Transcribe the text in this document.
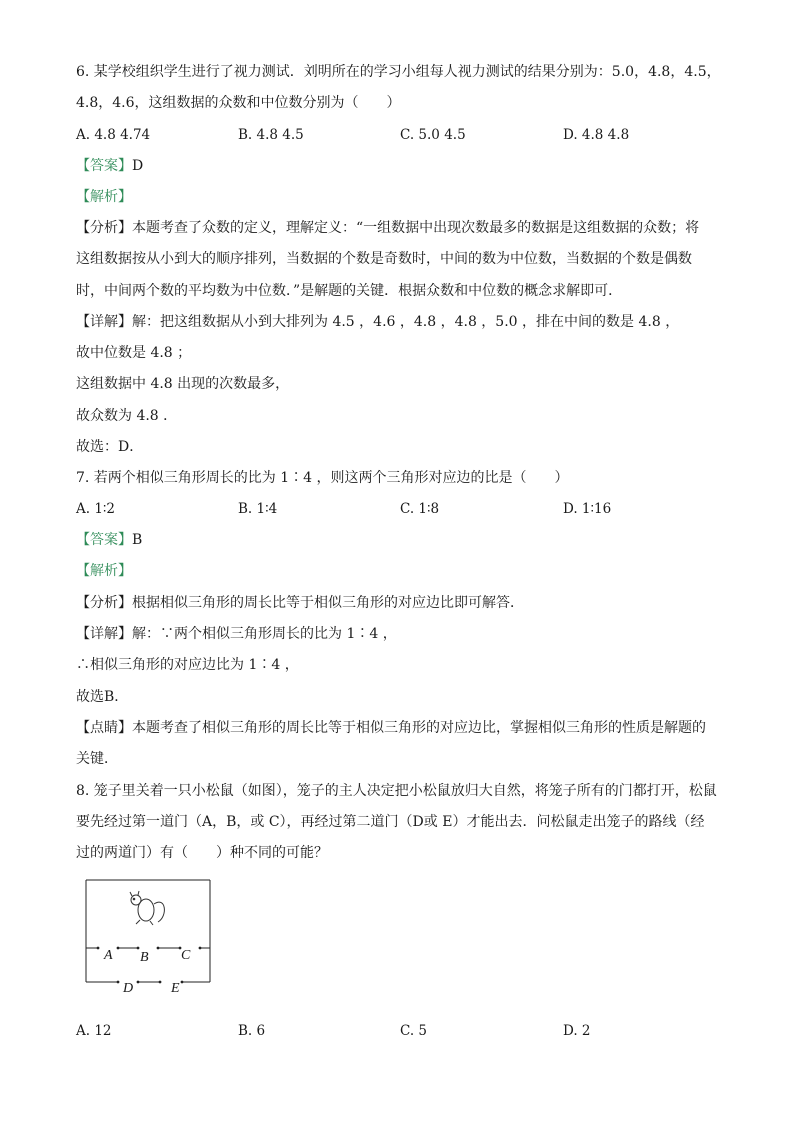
6. 某学校组织学生进行了视力测试．刘明所在的学习小组每人视力测试的结果分别为：5.0，4.8，4.5，
4.8，4.6，这组数据的众数和中位数分别为（　　）
A. 4.8 4.74	B. 4.8 4.5	C. 5.0 4.5	D. 4.8 4.8
【答案】D
【解析】
【分析】本题考查了众数的定义，理解定义：“一组数据中出现次数最多的数据是这组数据的众数；将
这组数据按从小到大的顺序排列，当数据的个数是奇数时，中间的数为中位数，当数据的个数是偶数
时，中间两个数的平均数为中位数．”是解题的关键．根据众数和中位数的概念求解即可．
【详解】解：把这组数据从小到大排列为 4.5 ，4.6 ，4.8 ，4.8 ，5.0 ，排在中间的数是 4.8 ，
故中位数是 4.8 ；
这组数据中 4.8 出现的次数最多，
故众数为 4.8 ．
故选：D．
7. 若两个相似三角形周长的比为 1∶4 ，则这两个三角形对应边的比是（　　）
A. 1∶2	B. 1∶4	C. 1∶8	D. 1∶16
【答案】B
【解析】
【分析】根据相似三角形的周长比等于相似三角形的对应边比即可解答．
【详解】解：∵两个相似三角形周长的比为 1∶4 ，
∴相似三角形的对应边比为 1∶4 ，
故选B．
【点睛】本题考查了相似三角形的周长比等于相似三角形的对应边比，掌握相似三角形的性质是解题的
关键．
8. 笼子里关着一只小松鼠（如图），笼子的主人决定把小松鼠放归大自然，将笼子所有的门都打开，松鼠
要先经过第一道门（A，B，或 C），再经过第二道门（D或 E）才能出去．问松鼠走出笼子的路线（经
过的两道门）有（　　）种不同的可能？
A B C
D	E
A. 12	B. 6	C. 5	D. 2
